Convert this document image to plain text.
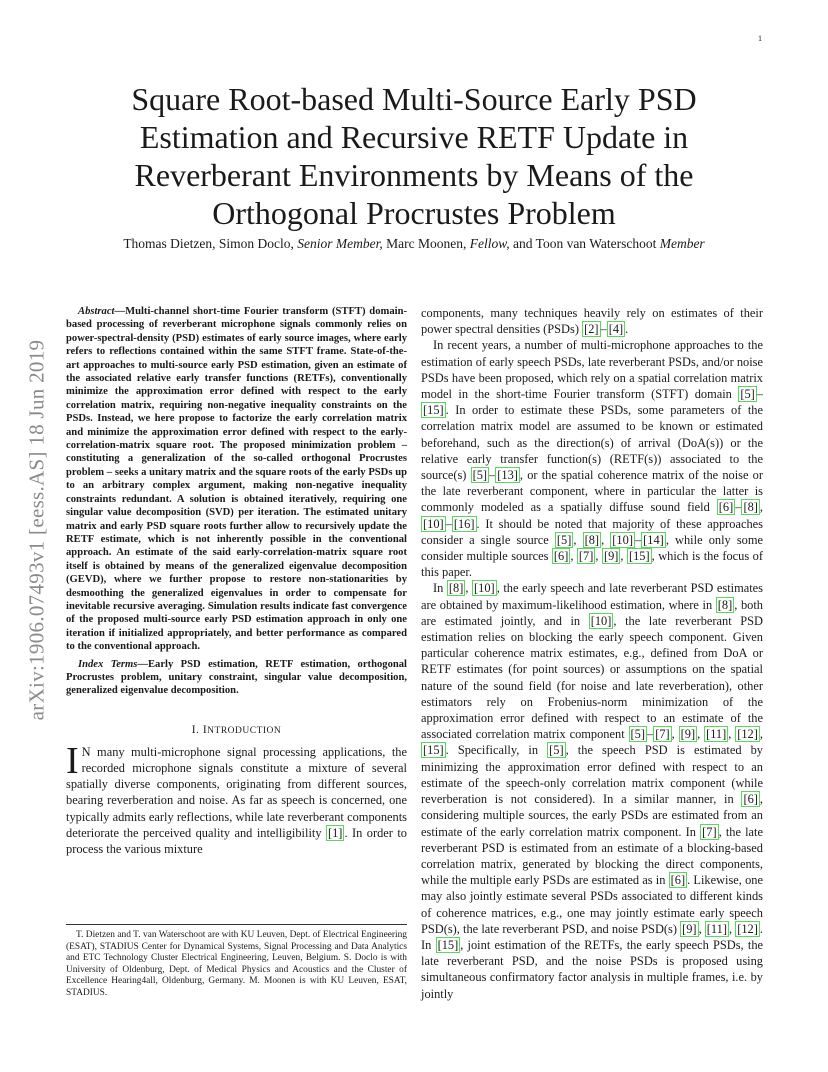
1
arXiv:1906.07493v1 [eess.AS] 18 Jun 2019
Square Root-based Multi-Source Early PSD Estimation and Recursive RETF Update in Reverberant Environments by Means of the Orthogonal Procrustes Problem
Thomas Dietzen, Simon Doclo, Senior Member, Marc Moonen, Fellow, and Toon van Waterschoot Member

Abstract—Multi-channel short-time Fourier transform (STFT) domain-based processing of reverberant microphone signals commonly relies on power-spectral-density (PSD) estimates of early source images, where early refers to reflections contained within the same STFT frame. State-of-the-art approaches to multi-source early PSD estimation, given an estimate of the associated relative early transfer functions (RETFs), conventionally minimize the approximation error defined with respect to the early correlation matrix, requiring non-negative inequality constraints on the PSDs. Instead, we here propose to factorize the early correlation matrix and minimize the approximation error defined with respect to the early-correlation-matrix square root. The proposed minimization problem – constituting a generalization of the so-called orthogonal Procrustes problem – seeks a unitary matrix and the square roots of the early PSDs up to an arbitrary complex argument, making non-negative inequality constraints redundant. A solution is obtained iteratively, requiring one singular value decomposition (SVD) per iteration. The estimated unitary matrix and early PSD square roots further allow to recursively update the RETF estimate, which is not inherently possible in the conventional approach. An estimate of the said early-correlation-matrix square root itself is obtained by means of the generalized eigenvalue decomposition (GEVD), where we further propose to restore non-stationarities by desmoothing the generalized eigenvalues in order to compensate for inevitable recursive averaging. Simulation results indicate fast convergence of the proposed multi-source early PSD estimation approach in only one iteration if initialized appropriately, and better performance as compared to the conventional approach.

Index Terms—Early PSD estimation, RETF estimation, orthogonal Procrustes problem, unitary constraint, singular value decomposition, generalized eigenvalue decomposition.

I. INTRODUCTION

I N many multi-microphone signal processing applications, the recorded microphone signals constitute a mixture of several spatially diverse components, originating from different sources, bearing reverberation and noise. As far as speech is concerned, one typically admits early reflections, while late reverberant components deteriorate the perceived quality and intelligibility [1] . In order to process the various mixture

T. Dietzen and T. van Waterschoot are with KU Leuven, Dept. of Electrical Engineering (ESAT), STADIUS Center for Dynamical Systems, Signal Processing and Data Analytics and ETC Technology Cluster Electrical Engineering, Leuven, Belgium. S. Doclo is with University of Oldenburg, Dept. of Medical Physics and Acoustics and the Cluster of Excellence Hearing4all, Oldenburg, Germany. M. Moonen is with KU Leuven, ESAT, STADIUS.

components, many techniques heavily rely on estimates of their power spectral densities (PSDs) [2] – [4] .

In recent years, a number of multi-microphone approaches to the estimation of early speech PSDs, late reverberant PSDs, and/or noise PSDs have been proposed, which rely on a spatial correlation matrix model in the short-time Fourier transform (STFT) domain [5] –[15] . In order to estimate these PSDs, some parameters of the correlation matrix model are assumed to be known or estimated beforehand, such as the direction(s) of arrival (DoA(s)) or the relative early transfer function(s) (RETF(s)) associated to the source(s) [5] – [13] , or the spatial coherence matrix of the noise or the late reverberant component, where in particular the latter is commonly modeled as a spatially diffuse sound field [6] – [8] , [10] – [16] . It should be noted that majority of these approaches consider a single source [5] , [8] , [10] – [14] , while only some consider multiple sources [6] , [7] , [9] , [15] , which is the focus of this paper.

In [8] , [10] , the early speech and late reverberant PSD estimates are obtained by maximum-likelihood estimation, where in [8] , both are estimated jointly, and in [10] , the late reverberant PSD estimation relies on blocking the early speech component. Given particular coherence matrix estimates, e.g., defined from DoA or RETF estimates (for point sources) or assumptions on the spatial nature of the sound field (for noise and late reverberation), other estimators rely on Frobenius-norm minimization of the approximation error defined with respect to an estimate of the associated correlation matrix component [5] – [7] , [9] , [11] , [12] , [15] . Specifically, in [5] , the speech PSD is estimated by minimizing the approximation error defined with respect to an estimate of the speech-only correlation matrix component (while reverberation is not considered). In a similar manner, in [6] , considering multiple sources, the early PSDs are estimated from an estimate of the early correlation matrix component. In [7] , the late reverberant PSD is estimated from an estimate of a blocking-based correlation matrix, generated by blocking the direct components, while the multiple early PSDs are estimated as in [6] . Likewise, one may also jointly estimate several PSDs associated to different kinds of coherence matrices, e.g., one may jointly estimate early speech PSD(s), the late reverberant PSD, and noise PSD(s) [9] , [11] , [12] . In [15] , joint estimation of the RETFs, the early speech PSDs, the late reverberant PSD, and the noise PSDs is proposed using simultaneous confirmatory factor analysis in multiple frames, i.e. by jointly
